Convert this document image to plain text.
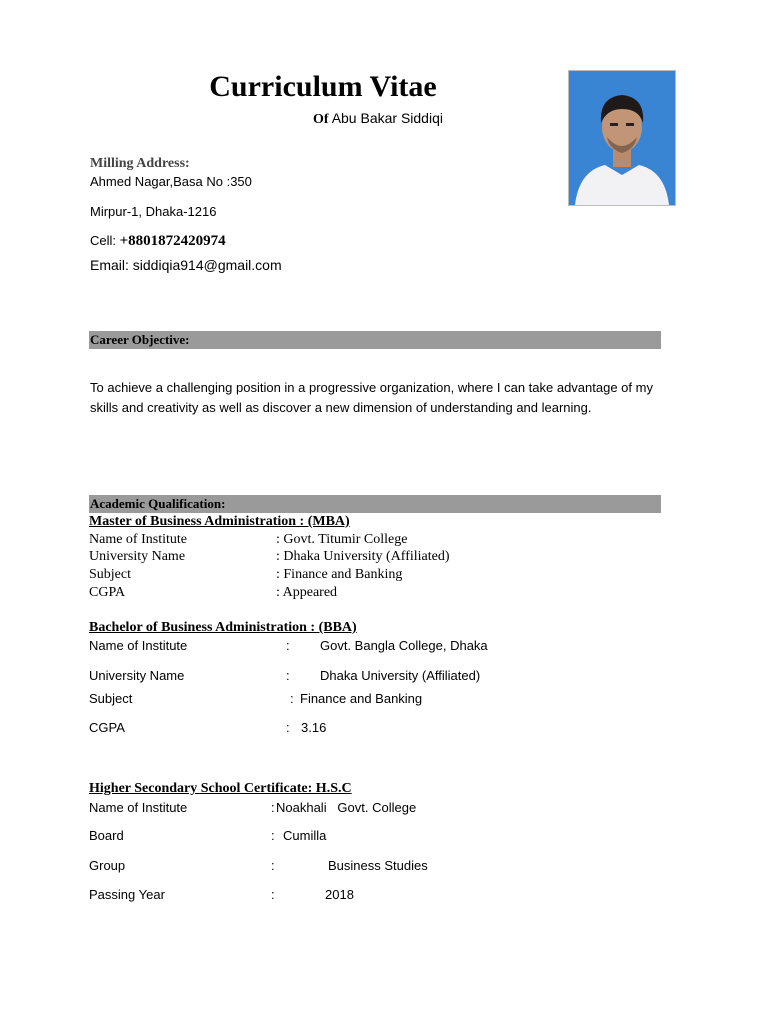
Curriculum Vitae
Of Abu Bakar Siddiqi
Milling Address:
Ahmed Nagar,Basa No :350
Mirpur-1, Dhaka-1216
Cell: +8801872420974
Email: siddiqia914@gmail.com
Career Objective:
To achieve a challenging position in a progressive organization, where I can take advantage of my skills and creativity as well as discover a new dimension of understanding and learning.
Academic Qualification:
Master of Business Administration : (MBA)
Name of Institute	: Govt. Titumir College
University Name	: Dhaka University (Affiliated)
Subject	: Finance and Banking
CGPA	: Appeared
Bachelor of Business Administration : (BBA)
Name of Institute	: Govt. Bangla College, Dhaka
University Name	: Dhaka University (Affiliated)
Subject	: Finance and Banking
CGPA	: 3.16
Higher Secondary School Certificate: H.S.C
Name of Institute	: Noakhali   Govt. College
Board	: Cumilla
Group	:	Business Studies
Passing Year	:	2018
